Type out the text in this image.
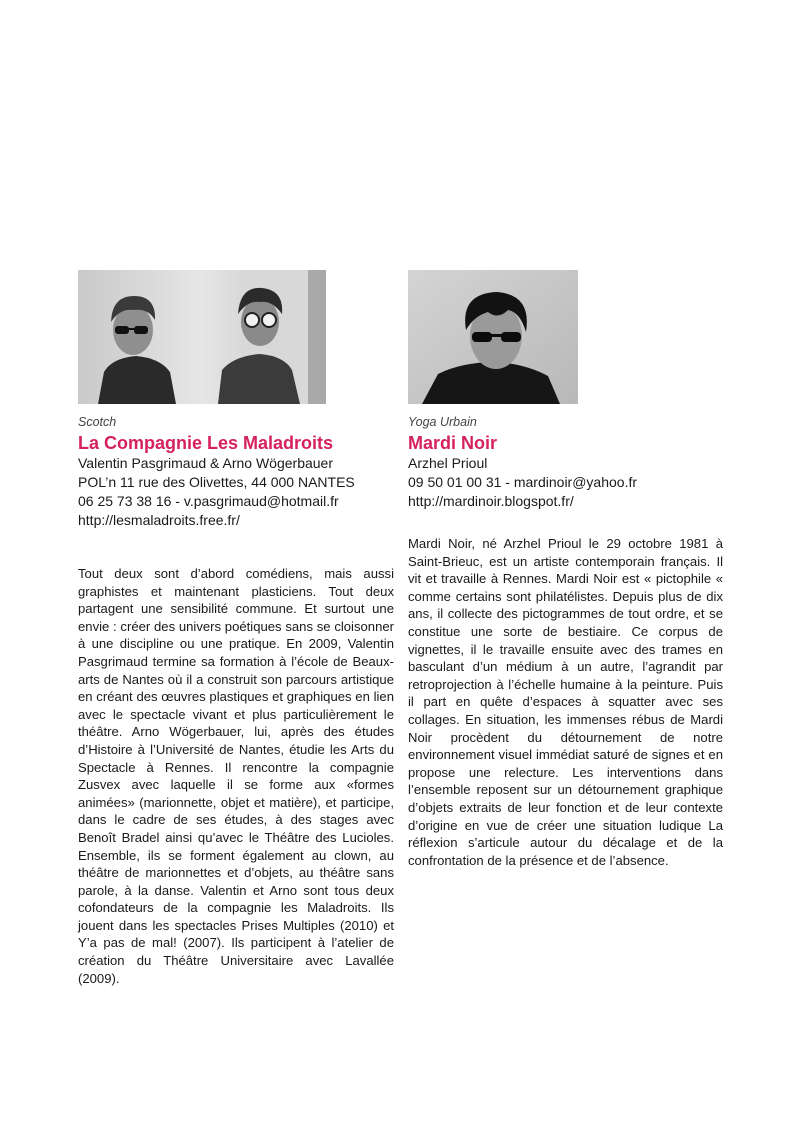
Scotch
La Compagnie Les Maladroits
Valentin Pasgrimaud & Arno Wögerbauer
POL’n 11 rue des Olivettes, 44 000 NANTES
06 25 73 38 16 - v.pasgrimaud@hotmail.fr
http://lesmaladroits.free.fr/
Tout deux sont d’abord comédiens, mais aussi graphistes et maintenant plasticiens. Tout deux partagent une sensibilité commune. Et surtout une envie : créer des univers poétiques sans se cloisonner à une discipline ou une pratique. En 2009, Valentin Pasgrimaud termine sa formation à l’école de Beaux-arts de Nantes où il a construit son parcours artistique en créant des œuvres plastiques et graphiques en lien avec le spectacle vivant et plus particulièrement le théâtre. Arno Wögerbauer, lui, après des études d’Histoire à l’Université de Nantes, étudie les Arts du Spectacle à Rennes. Il rencontre la compagnie Zusvex avec laquelle il se forme aux «formes animées» (marionnette, objet et matière), et participe, dans le cadre de ses études, à des stages avec Benoît Bradel ainsi qu’avec le Théâtre des Lucioles. Ensemble, ils se forment également au clown, au théâtre de marionnettes et d’objets, au théâtre sans parole, à la danse. Valentin et Arno sont tous deux cofondateurs de la compagnie les Maladroits. Ils jouent dans les spectacles Prises Multiples (2010) et Y’a pas de mal! (2007). Ils participent à l’atelier de création du Théâtre Universitaire avec Lavallée (2009).
Yoga Urbain
Mardi Noir
Arzhel Prioul
09 50 01 00 31 - mardinoir@yahoo.fr
http://mardinoir.blogspot.fr/
Mardi Noir, né Arzhel Prioul le 29 octobre 1981 à Saint-Brieuc, est un artiste contemporain français. Il vit et travaille à Rennes. Mardi Noir est « pictophile « comme certains sont philatélistes. Depuis plus de dix ans, il collecte des pictogrammes de tout ordre, et se constitue une sorte de bestiaire. Ce corpus de vignettes, il le travaille ensuite avec des trames en basculant d’un médium à un autre, l’agrandit par retroprojection à l’échelle humaine à la peinture. Puis il part en quête d’espaces à squatter avec ses collages. En situation, les immenses rébus de Mardi Noir procèdent du détournement de notre environnement visuel immédiat saturé de signes et en propose une relecture. Les interventions dans l’ensemble reposent sur un détournement graphique d’objets extraits de leur fonction et de leur contexte d’origine en vue de créer une situation ludique La réflexion s’articule autour du décalage et de la confrontation de la présence et de l’absence.
